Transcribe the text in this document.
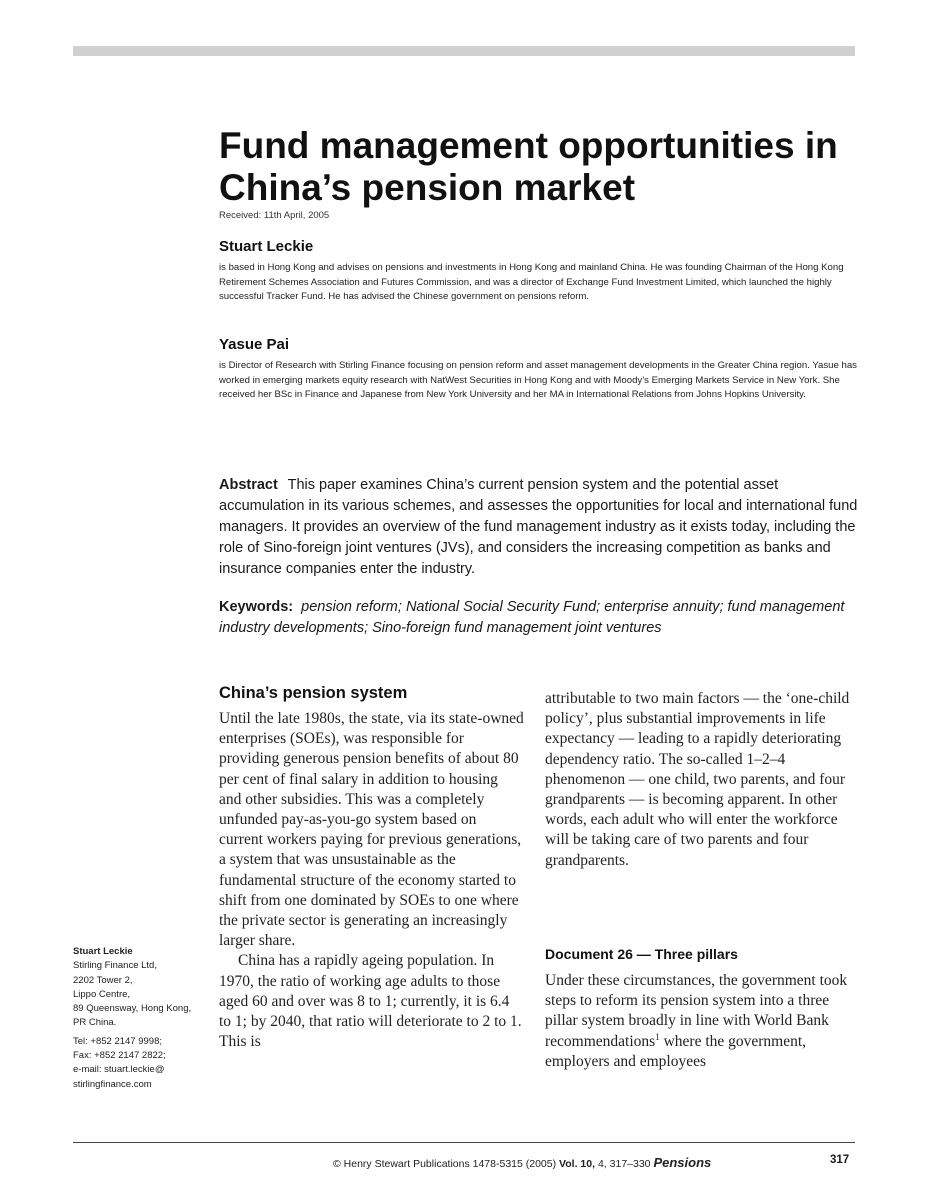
Fund management opportunities in
China’s pension market
Received: 11th April, 2005
Stuart Leckie
is based in Hong Kong and advises on pensions and investments in Hong Kong and mainland China. He was founding Chairman of the Hong Kong Retirement Schemes Association and Futures Commission, and was a director of Exchange Fund Investment Limited, which launched the highly successful Tracker Fund. He has advised the Chinese government on pensions reform.
Yasue Pai
is Director of Research with Stirling Finance focusing on pension reform and asset management developments in the Greater China region. Yasue has worked in emerging markets equity research with NatWest Securities in Hong Kong and with Moody’s Emerging Markets Service in New York. She received her BSc in Finance and Japanese from New York University and her MA in International Relations from Johns Hopkins University.
Abstract This paper examines China’s current pension system and the potential asset accumulation in its various schemes, and assesses the opportunities for local and international fund managers. It provides an overview of the fund management industry as it exists today, including the role of Sino-foreign joint ventures (JVs), and considers the increasing competition as banks and insurance companies enter the industry.
Keywords: pension reform; National Social Security Fund; enterprise annuity; fund management industry developments; Sino-foreign fund management joint ventures
China’s pension system

Until the late 1980s, the state, via its state-owned enterprises (SOEs), was responsible for providing generous pension benefits of about 80 per cent of final salary in addition to housing and other subsidies. This was a completely unfunded pay-as-you-go system based on current workers paying for previous generations, a system that was unsustainable as the fundamental structure of the economy started to shift from one dominated by SOEs to one where the private sector is generating an increasingly larger share.

China has a rapidly ageing population. In 1970, the ratio of working age adults to those aged 60 and over was 8 to 1; currently, it is 6.4 to 1; by 2040, that ratio will deteriorate to 2 to 1. This is

attributable to two main factors — the ‘one-child policy’, plus substantial improvements in life expectancy — leading to a rapidly deteriorating dependency ratio. The so-called 1–2–4 phenomenon — one child, two parents, and four grandparents — is becoming apparent. In other words, each adult who will enter the workforce will be taking care of two parents and four grandparents.

Document 26 — Three pillars

Under these circumstances, the government took steps to reform its pension system into a three pillar system broadly in line with World Bank recommendations$^1$ where the government, employers and employees

Stuart Leckie
Stirling Finance Ltd,
2202 Tower 2,
Lippo Centre,
89 Queensway, Hong Kong,
PR China.
Tel: +852 2147 9998;
Fax: +852 2147 2822;
e-mail: stuart.leckie@
stirlingfinance.com
© Henry Stewart Publications 1478-5315 (2005) Vol. 10, 4, 317–330 Pensions	317
